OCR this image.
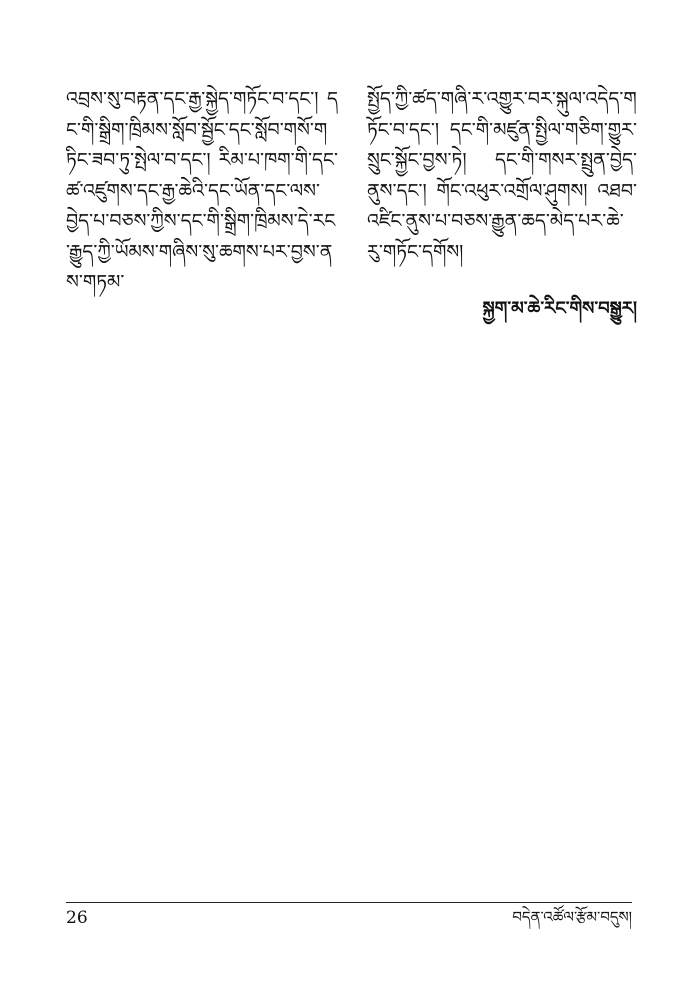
འབྲས་སུ་བརྟན་དང་རྒྱ་སྐྱེད་གཏོང་བ་དང་། དང་གི་སྒྲིག་ཁྲིམས་སློབ་སྦྱོང་དང་སློབ་གསོ་གཏིང་ཟབ་ཏུ་སྤེལ་བ་དང་། རིམ་པ་ཁག་གི་དང་ཚ་འཛུགས་དང་རྒྱ་ཆེའི་དང་ཡོན་དང་ལས་བྱེད་པ་བཅས་ཀྱིས་དང་གི་སྒྲིག་ཁྲིམས་དེ་རང་རྒྱུད་ཀྱི་ཡོམས་གཞིས་སུ་ཆགས་པར་བྱས་ནས་གཏམ་
སྤྱོད་ཀྱི་ཚད་གཞི་ར་འགྱུར་བར་སྐུལ་འདེད་གཏོང་བ་དང་། དང་གི་མཛུན་སྤྱིལ་གཅིག་གྱུར་སྲུང་སྐྱོང་བྱས་ཏེ། དང་གི་གསར་སྤྲུན་བྱེད་ནུས་དང་། གོང་འཕུར་འགྲོལ་ཤུགས། འཐབ་འཛིང་ནུས་པ་བཅས་རྒྱུན་ཆད་མེད་པར་ཆེ་རུ་གཏོང་དགོས།
སྐྱག་མ་ཆེ་རིང་གིས་བསྒྱུར།
26	བདེན་འཚོལ་རྩོམ་བདུས།
